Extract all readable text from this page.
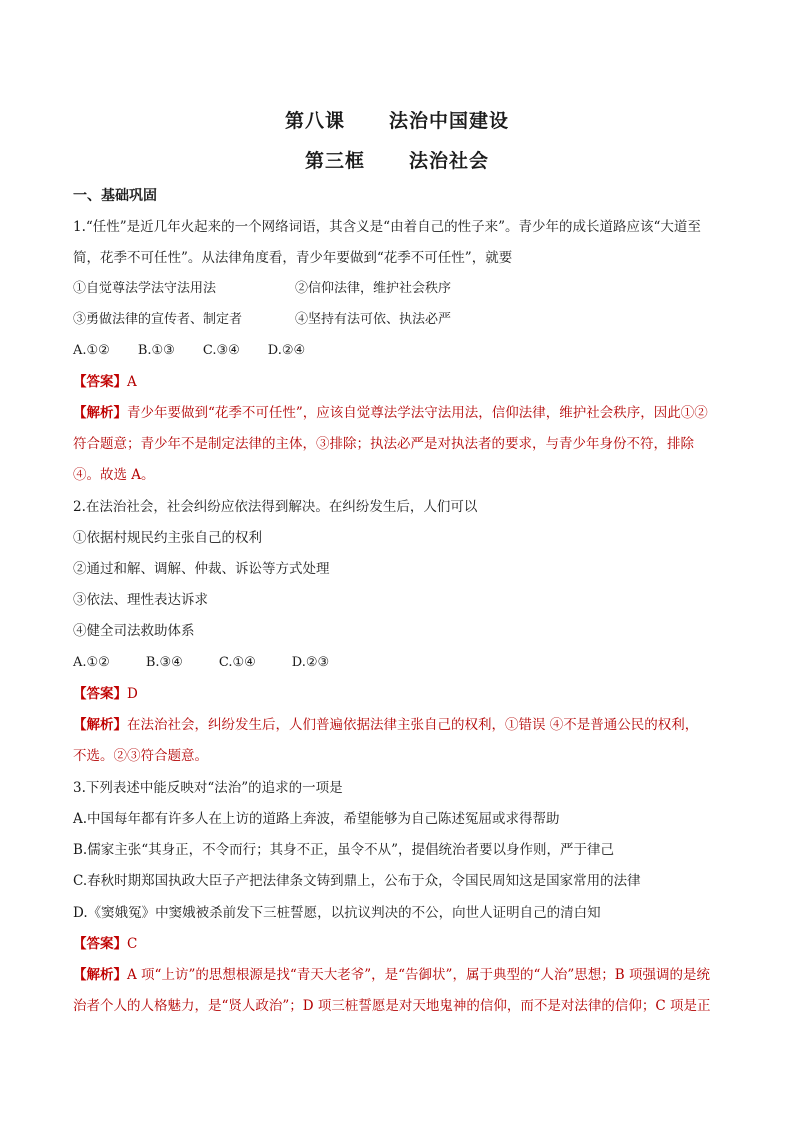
第八课 法治中国建设
第三框 法治社会
一、基础巩固
1.“任性”是近几年火起来的一个网络词语，其含义是“由着自己的性子来”。青少年的成长道路应该“大道至
简，花季不可任性”。从法律角度看，青少年要做到“花季不可任性”，就要
①自觉尊法学法守法用法	②信仰法律，维护社会秩序
③勇做法律的宣传者、制定者	④坚持有法可依、执法必严
A.①② B.①③ C.③④ D.②④
【答案】A
【解析】青少年要做到“花季不可任性”，应该自觉尊法学法守法用法，信仰法律，维护社会秩序，因此①②
符合题意；青少年不是制定法律的主体，③排除；执法必严是对执法者的要求，与青少年身份不符，排除
④。故选 A。
2.在法治社会，社会纠纷应依法得到解决。在纠纷发生后，人们可以
①依据村规民约主张自己的权利
②通过和解、调解、仲裁、诉讼等方式处理
③依法、理性表达诉求
④健全司法救助体系
A.①②	B.③④	C.①④	D.②③
【答案】D
【解析】在法治社会，纠纷发生后，人们普遍依据法律主张自己的权利，①错误 ④不是普通公民的权利，
不选。②③符合题意。
3.下列表述中能反映对“法治”的追求的一项是
A.中国每年都有许多人在上访的道路上奔波，希望能够为自己陈述冤屈或求得帮助
B.儒家主张“其身正，不令而行；其身不正，虽令不从”，提倡统治者要以身作则，严于律己
C.春秋时期郑国执政大臣子产把法律条文铸到鼎上，公布于众，令国民周知这是国家常用的法律
D.《窦娥冤》中窦娥被杀前发下三桩誓愿，以抗议判决的不公，向世人证明自己的清白知
【答案】C
【解析】A 项“上访”的思想根源是找“青天大老爷”，是“告御状”，属于典型的“人治”思想；B 项强调的是统
治者个人的人格魅力，是“贤人政治”；D 项三桩誓愿是对天地鬼神的信仰，而不是对法律的信仰；C 项是正
